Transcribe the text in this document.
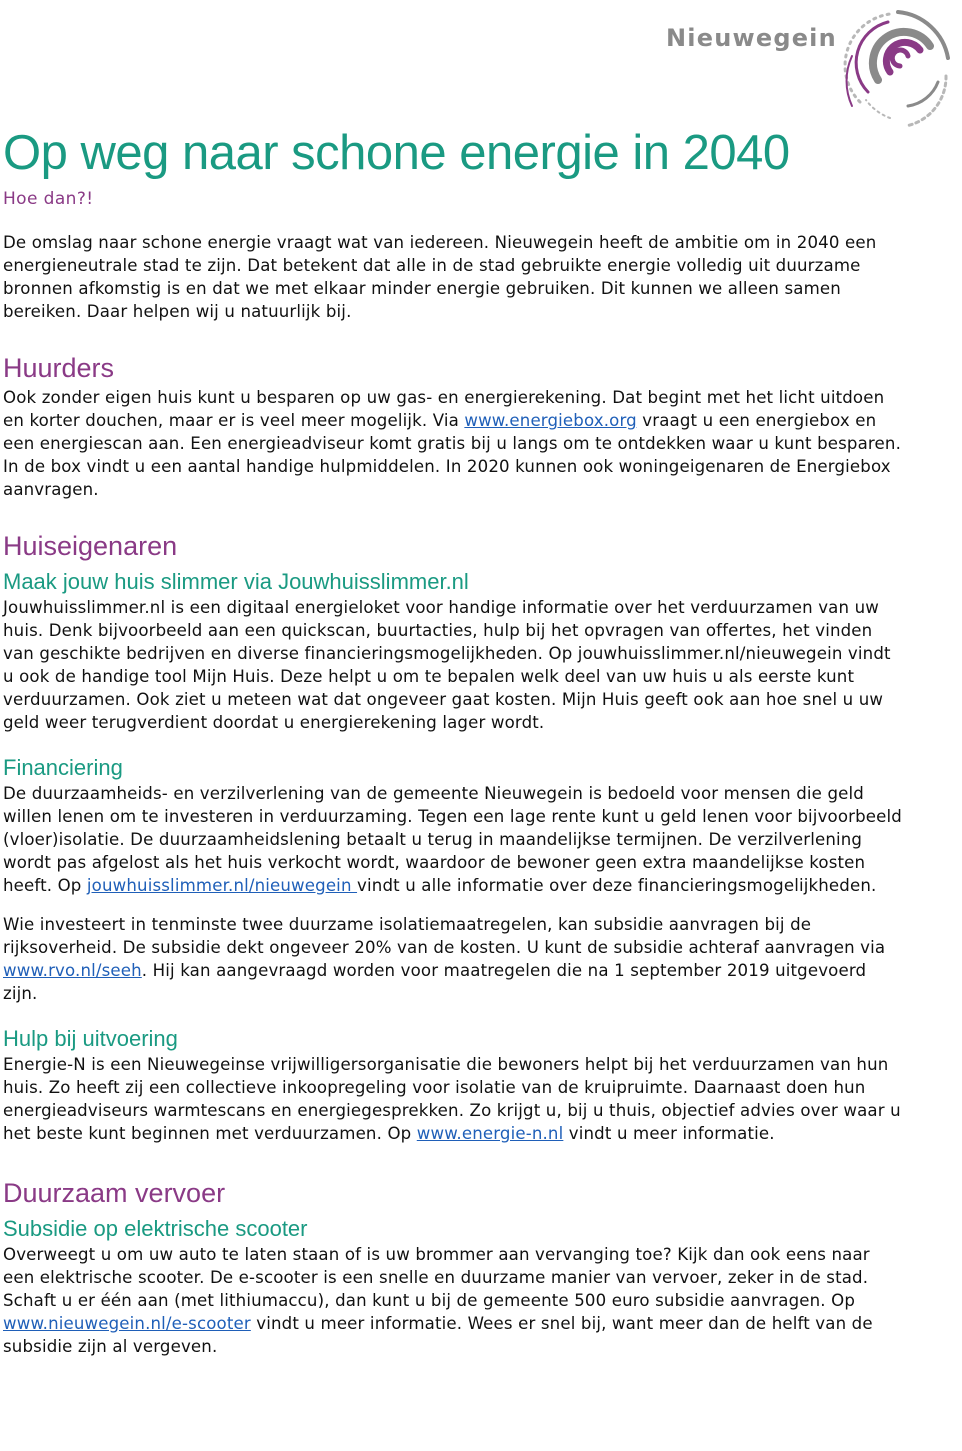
Nieuwegein
Op weg naar schone energie in 2040
Hoe dan?!

De omslag naar schone energie vraagt wat van iedereen. Nieuwegein heeft de ambitie om in 2040 een energieneutrale stad te zijn. Dat betekent dat alle in de stad gebruikte energie volledig uit duurzame bronnen afkomstig is en dat we met elkaar minder energie gebruiken. Dit kunnen we alleen samen bereiken. Daar helpen wij u natuurlijk bij.

Huurders

Ook zonder eigen huis kunt u besparen op uw gas- en energierekening. Dat begint met het licht uitdoen en korter douchen, maar er is veel meer mogelijk. Via www.energiebox.org vraagt u een energiebox en een energiescan aan. Een energieadviseur komt gratis bij u langs om te ontdekken waar u kunt besparen. In de box vindt u een aantal handige hulpmiddelen. In 2020 kunnen ook woningeigenaren de Energiebox aanvragen.

Huiseigenaren
Maak jouw huis slimmer via Jouwhuisslimmer.nl

Jouwhuisslimmer.nl is een digitaal energieloket voor handige informatie over het verduurzamen van uw huis. Denk bijvoorbeeld aan een quickscan, buurtacties, hulp bij het opvragen van offertes, het vinden van geschikte bedrijven en diverse financieringsmogelijkheden. Op jouwhuisslimmer.nl/nieuwegein vindt u ook de handige tool Mijn Huis. Deze helpt u om te bepalen welk deel van uw huis u als eerste kunt verduurzamen. Ook ziet u meteen wat dat ongeveer gaat kosten. Mijn Huis geeft ook aan hoe snel u uw geld weer terugverdient doordat u energierekening lager wordt.

Financiering

De duurzaamheids- en verzilverlening van de gemeente Nieuwegein is bedoeld voor mensen die geld willen lenen om te investeren in verduurzaming. Tegen een lage rente kunt u geld lenen voor bijvoorbeeld (vloer)isolatie. De duurzaamheidslening betaalt u terug in maandelijkse termijnen. De verzilverlening wordt pas afgelost als het huis verkocht wordt, waardoor de bewoner geen extra maandelijkse kosten heeft. Op jouwhuisslimmer.nl/nieuwegein vindt u alle informatie over deze financieringsmogelijkheden.

Wie investeert in tenminste twee duurzame isolatiemaatregelen, kan subsidie aanvragen bij de rijksoverheid. De subsidie dekt ongeveer 20% van de kosten. U kunt de subsidie achteraf aanvragen via www.rvo.nl/seeh. Hij kan aangevraagd worden voor maatregelen die na 1 september 2019 uitgevoerd zijn.

Hulp bij uitvoering

Energie-N is een Nieuwegeinse vrijwilligersorganisatie die bewoners helpt bij het verduurzamen van hun huis. Zo heeft zij een collectieve inkoopregeling voor isolatie van de kruipruimte. Daarnaast doen hun energieadviseurs warmtescans en energiegesprekken. Zo krijgt u, bij u thuis, objectief advies over waar u het beste kunt beginnen met verduurzamen. Op www.energie-n.nl vindt u meer informatie.

Duurzaam vervoer
Subsidie op elektrische scooter

Overweegt u om uw auto te laten staan of is uw brommer aan vervanging toe? Kijk dan ook eens naar een elektrische scooter. De e-scooter is een snelle en duurzame manier van vervoer, zeker in de stad. Schaft u er één aan (met lithiumaccu), dan kunt u bij de gemeente 500 euro subsidie aanvragen. Op www.nieuwegein.nl/e-scooter vindt u meer informatie. Wees er snel bij, want meer dan de helft van de subsidie zijn al vergeven.
